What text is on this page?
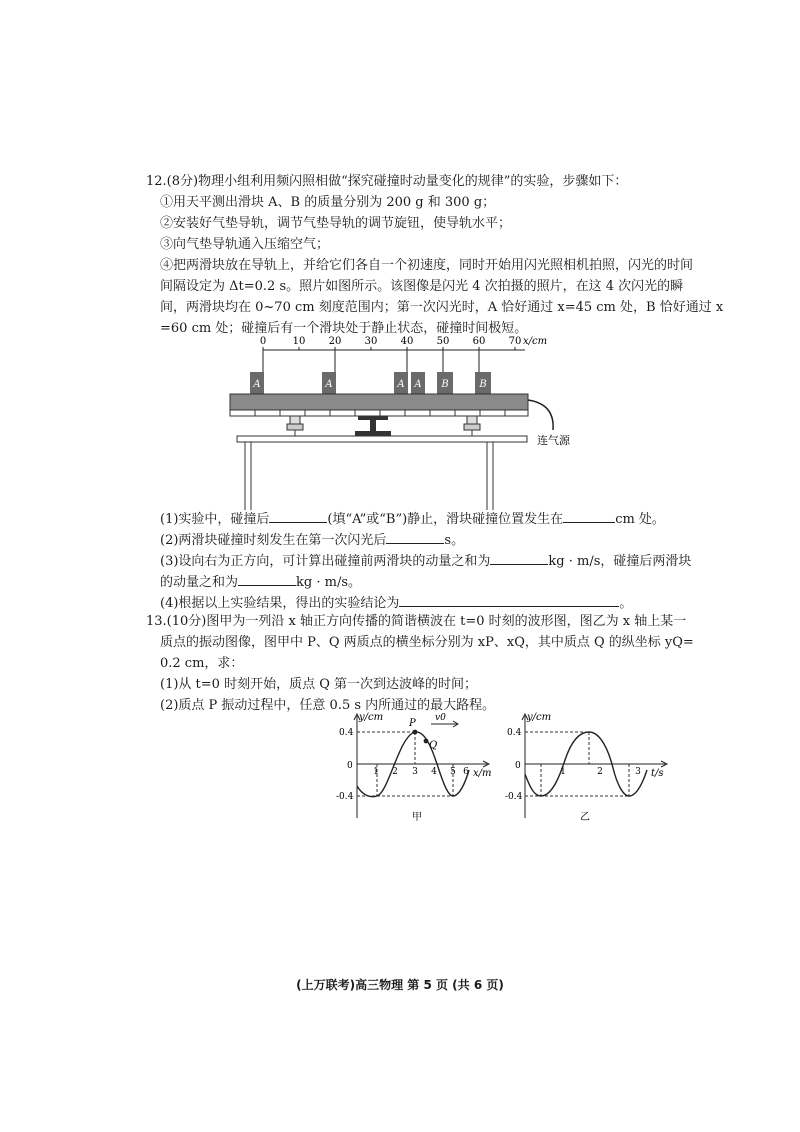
12.(8分)物理小组利用频闪照相做“探究碰撞时动量变化的规律”的实验，步骤如下：
①用天平测出滑块 A、B 的质量分别为 200 g 和 300 g；
②安装好气垫导轨，调节气垫导轨的调节旋钮，使导轨水平；
③向气垫导轨通入压缩空气；
④把两滑块放在导轨上，并给它们各自一个初速度，同时开始用闪光照相机拍照，闪光的时间
间隔设定为 Δt=0.2 s。照片如图所示。该图像是闪光 4 次拍摄的照片，在这 4 次闪光的瞬
间，两滑块均在 0~70 cm 刻度范围内；第一次闪光时，A 恰好通过 x=45 cm 处，B 恰好通过 x
=60 cm 处；碰撞后有一个滑块处于静止状态，碰撞时间极短。
0	10 20 30 40 50 60 70 x/cm
A	A	A A B	B
连气源
(1)实验中，碰撞后	(填“A”或“B”)静止，滑块碰撞位置发生在	cm 处。
(2)两滑块碰撞时刻发生在第一次闪光后	s。
(3)设向右为正方向，可计算出碰撞前两滑块的动量之和为	kg · m/s，碰撞后两滑块
的动量之和为	kg · m/s。
(4)根据以上实验结果，得出的实验结论为	。
13.(10分)图甲为一列沿 x 轴正方向传播的简谐横波在 t=0 时刻的波形图，图乙为 x 轴上某一
质点的振动图像，图甲中 P、Q 两质点的横坐标分别为 xP、xQ，其中质点 Q 的纵坐标 yQ=
0.2 cm，求：
(1)从 t=0 时刻开始，质点 Q 第一次到达波峰的时间；
(2)质点 P 振动过程中，任意 0.5 s 内所通过的最大路程。
y/cm
x/m
0.4
0
-0.4
1 2 3 4 5 6
P
Q
v0
甲
y/cm
t/s
0.4
0
-0.4
1	2	3
乙
(上万联考)高三物理 第 5 页 (共 6 页)
